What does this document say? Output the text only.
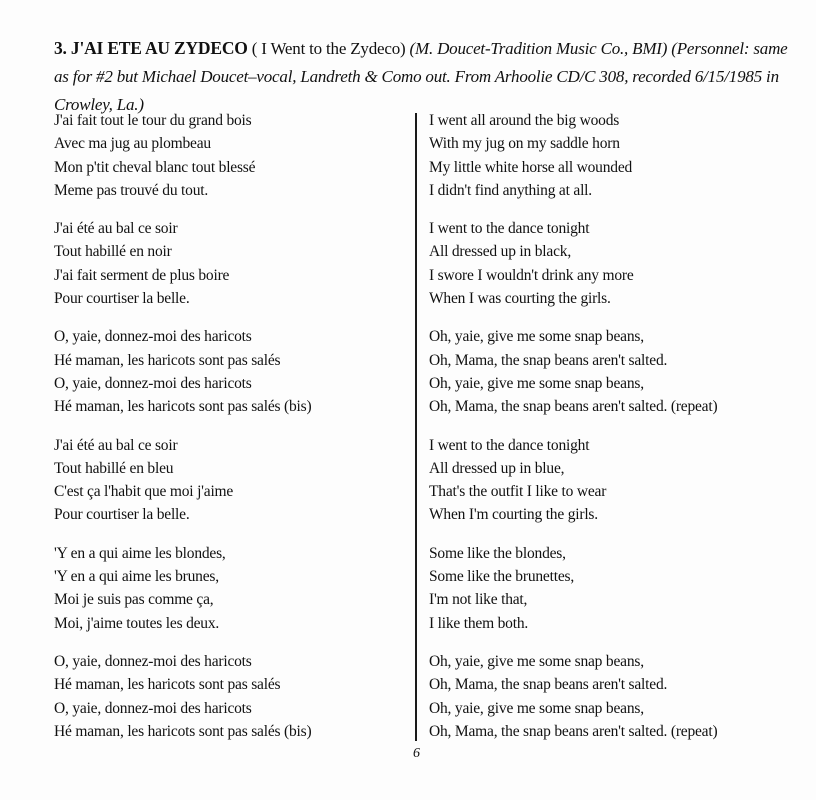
3. J'AI ETE AU ZYDECO ( I Went to the Zydeco) (M. Doucet-Tradition Music Co., BMI) (Personnel: same as for #2 but Michael Doucet–vocal, Landreth & Como out. From Arhoolie CD/C 308, recorded 6/15/1985 in Crowley, La.)
J'ai fait tout le tour du grand bois
Avec ma jug au plombeau
Mon p'tit cheval blanc tout blessé
Meme pas trouvé du tout.
J'ai été au bal ce soir
Tout habillé en noir
J'ai fait serment de plus boire
Pour courtiser la belle.
O, yaie, donnez-moi des haricots
Hé maman, les haricots sont pas salés
O, yaie, donnez-moi des haricots
Hé maman, les haricots sont pas salés (bis)
J'ai été au bal ce soir
Tout habillé en bleu
C'est ça l'habit que moi j'aime
Pour courtiser la belle.
'Y en a qui aime les blondes,
'Y en a qui aime les brunes,
Moi je suis pas comme ça,
Moi, j'aime toutes les deux.
O, yaie, donnez-moi des haricots
Hé maman, les haricots sont pas salés
O, yaie, donnez-moi des haricots
Hé maman, les haricots sont pas salés (bis)
I went all around the big woods
With my jug on my saddle horn
My little white horse all wounded
I didn't find anything at all.
I went to the dance tonight
All dressed up in black,
I swore I wouldn't drink any more
When I was courting the girls.
Oh, yaie, give me some snap beans,
Oh, Mama, the snap beans aren't salted.
Oh, yaie, give me some snap beans,
Oh, Mama, the snap beans aren't salted. (repeat)
I went to the dance tonight
All dressed up in blue,
That's the outfit I like to wear
When I'm courting the girls.
Some like the blondes,
Some like the brunettes,
I'm not like that,
I like them both.
Oh, yaie, give me some snap beans,
Oh, Mama, the snap beans aren't salted.
Oh, yaie, give me some snap beans,
Oh, Mama, the snap beans aren't salted. (repeat)
6
